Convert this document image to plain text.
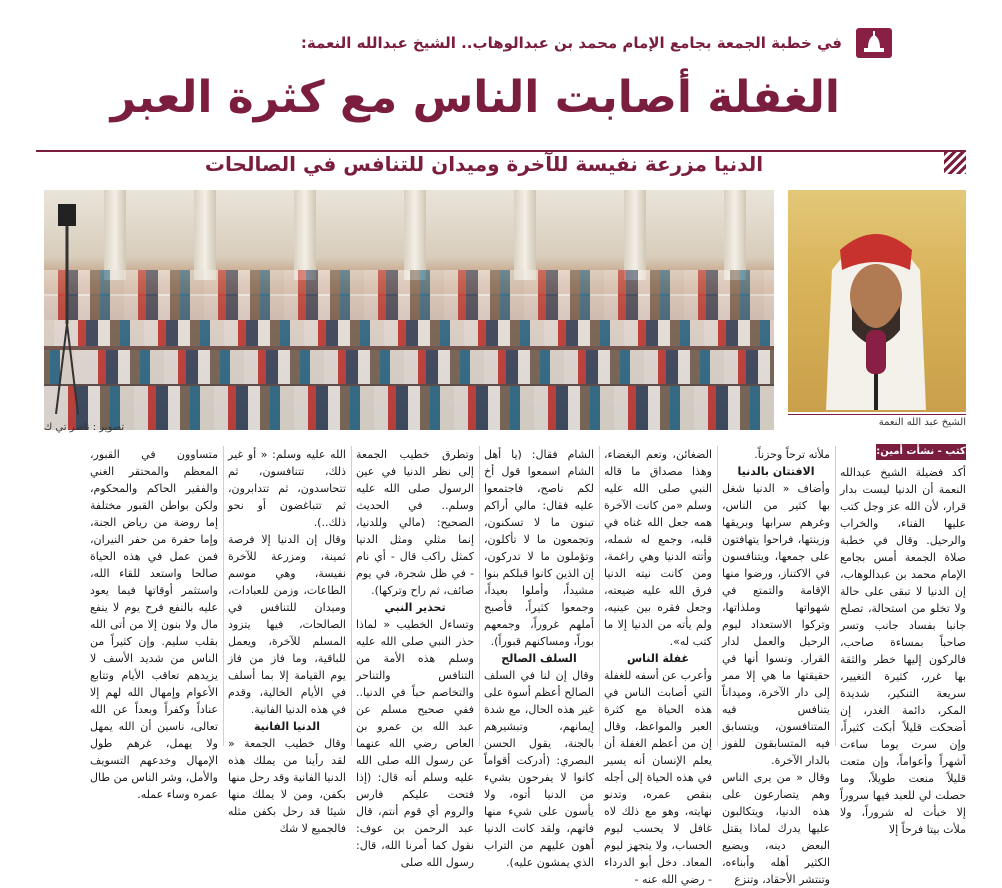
في خطبة الجمعة بجامع الإمام محمد بن عبدالوهاب.. الشيخ عبدالله النعمة:
الغفلة أصابت الناس مع كثرة العبر
الدنيا مزرعة نفيسة للآخرة وميدان للتنافس في الصالحات
تصوير : ناصر تي ك	الشيخ عبد الله النعمة
كتب - نشأت أمين:

أكد فضيلة الشيخ عبدالله النعمة أن الدنيا ليست بدار قرار، لأن الله عز وجل كتب عليها الفناء، والخراب والرحيل. وقال في خطبة صلاة الجمعة أمس بجامع الإمام محمد بن عبدالوهاب، إن الدنيا لا تبقى على حالة ولا تخلو من استحالة، تصلح جانبا بفساد جانب وتسر صاحباً بمساءة صاحب، فالركون إليها خطر والثقة بها غرر، كثيرة التغيير، سريعة التنكير، شديدة المكر، دائمة الغدر، إن أضحكت قليلاً أبكت كثيراً، وإن سرت يوما ساءت أشهراً وأعواماً، وإن متعت قليلاً منعت طويلاً، وما حصلت لي للعبد فيها سروراً إلا خبأت له شروراً، ولا ملأت بيتا فرحاً إلا

ملأته ترحاً وحزناً.

الافتتان بالدنيا

وأضاف « الدنيا شغل بها كثير من الناس، وغرهم سرابها وبريقها وزينتها، فراحوا يتهافتون على جمعها، ويتنافسون في الاكتناز، ورضوا منها الإقامة والتمتع في شهواتها وملذاتها، وتركوا الاستعداد ليوم الرحيل والعمل لدار القرار. ونسوا أنها في حقيقتها ما هي إلا ممر إلى دار الآخرة، وميداناً يتنافس فيه المتنافسون، ويتسابق فيه المتسابقون للفوز بالدار الآخرة.

وقال « من يرى الناس وهم يتصارعون على هذه الدنيا، ويتكالبون عليها يدرك لماذا يقتل البعض دينه، ويضيع الكثير أهله وأبناءه، وتنتشر الأحقاد، وتنزع

الضغائن، وتعم البغضاء، وهذا مصداق ما قاله النبي صلى الله عليه وسلم «من كانت الآخرة همه جعل الله غناه في قلبه، وجمع له شمله، وأتته الدنيا وهي راغمة، ومن كانت نيته الدنيا فرق الله عليه ضيعته، وجعل فقره بين عينيه، ولم يأته من الدنيا إلا ما كتب له».

غفلة الناس

وأعرب عن أسفه للغفلة التي أصابت الناس في هذه الحياة مع كثرة العبر والمواعظ، وقال إن من أعظم الغفلة أن يعلم الإنسان أنه يسير في هذه الحياة إلى أجله بنقص عمره، وتدنو نهايته، وهو مع ذلك لاه غافل لا يحسب ليوم الحساب، ولا يتجهز ليوم المعاد. دخل أبو الدرداء - رضي الله عنه -

الشام فقال: (يا أهل الشام اسمعوا قول أخ لكم ناصح، فاجتمعوا عليه فقال: مالي أراكم تبنون ما لا تسكنون، وتجمعون ما لا تأكلون، وتؤملون ما لا تدركون، إن الذين كانوا قبلكم بنوا مشيداً، وأملوا بعيداً، وجمعوا كثيراً، فأصبح أملهم غروراً، وجمعهم بوراً، ومساكنهم قبوراً).

السلف الصالح

وقال إن لنا في السلف الصالح أعظم أسوة على غير هذه الحال، مع شدة إيمانهم، وتبشيرهم بالجنة، يقول الحسن البصري: (أدركت أقواماً كانوا لا يفرحون بشيء من الدنيا أتوه، ولا يأسون على شيء منها فاتهم، ولقد كانت الدنيا أهون عليهم من التراب الذي يمشون عليه).

وتطرق خطيب الجمعة إلى نظر الدنيا في عين الرسول صلى الله عليه وسلم.. في الحديث الصحيح: (مالي وللدنيا، إنما مثلي ومثل الدنيا كمثل راكب قال - أي نام - في ظل شجرة، في يوم صائف، ثم راح وتركها).

تحذير النبي

وتساءل الخطيب « لماذا حذر النبي صلى الله عليه وسلم هذه الأمة من التنافس والتناحر والتخاصم حباً في الدنيا.. ففي صحيح مسلم عن عبد الله بن عمرو بن العاص رضي الله عنهما عن رسول الله صلى الله عليه وسلم أنه قال: (إذا فتحت عليكم فارس والروم أي قوم أنتم، قال عبد الرحمن بن عوف: نقول كما أمرنا الله، قال: رسول الله صلى

الله عليه وسلم: « أو غير ذلك، تتنافسون، ثم تتحاسدون، ثم تتدابرون، ثم تتباغضون أو نحو ذلك..).

وقال إن الدنيا إلا فرصة ثمينة، ومزرعة للآخرة نفيسة، وهي موسم الطاعات، وزمن للعبادات، وميدان للتنافس في الصالحات، فيها يتزود المسلم للآخرة، ويعمل للباقية، وما فاز من فاز يوم القيامة إلا بما أسلف في الأيام الخالية، وقدم في هذه الدنيا الفانية.

الدنيا الفانية

وقال خطيب الجمعة « لقد رأينا من يملك هذه الدنيا الفانية وقد رحل منها بكفن، ومن لا يملك منها شيئا قد رحل بكفن مثله فالجميع لا شك

متساوون في القبور، المعظم والمحتقر الغني والفقير الحاكم والمحكوم، ولكن بواطن القبور مختلفة إما روضة من رياض الجنة، وإما حفرة من حفر النيران، فمن عمل في هذه الحياة صالحا واستعد للقاء الله، واستثمر أوقاتها فيما يعود عليه بالنفع فرح يوم لا ينفع مال ولا بنون إلا من أتى الله بقلب سليم. وإن كثيراً من الناس من شديد الأسف لا يزيدهم تعاقب الأيام وتتابع الأعوام وإمهال الله لهم إلا عناداً وكفراً وبعداً عن الله تعالى، ناسين أن الله يمهل ولا يهمل، غرهم طول الإمهال وخدعهم التسويف والأمل، وشر الناس من طال عمره وساء عمله.
